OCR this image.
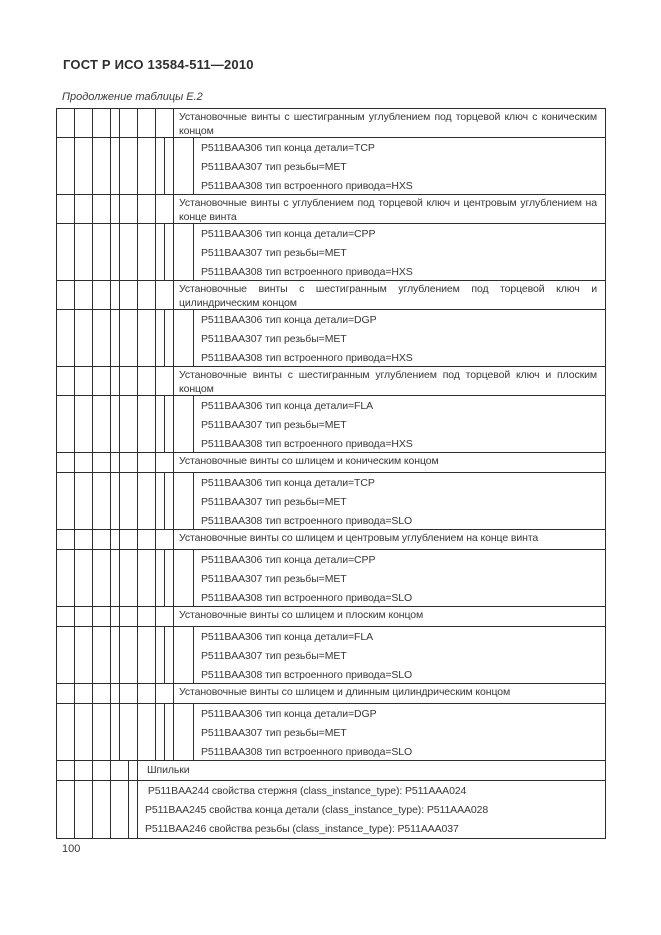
ГОСТ Р ИСО 13584-511—2010
Продолжение таблицы Е.2
Установочные винты с шестигранным углублением под торцевой ключ с коническим концом
P511BAA306 тип конца детали=TCP
P511BAA307 тип резьбы=MET
P511BAA308 тип встроенного привода=HXS
Установочные винты с углублением под торцевой ключ и центровым углублением на конце винта
P511BAA306 тип конца детали=CPP
P511BAA307 тип резьбы=MET
P511BAA308 тип встроенного привода=HXS
Установочные винты с шестигранным углублением под торцевой ключ и цилиндрическим концом
P511BAA306 тип конца детали=DGP
P511BAA307 тип резьбы=MET
P511BAA308 тип встроенного привода=HXS
Установочные винты с шестигранным углублением под торцевой ключ и плоским концом
P511BAA306 тип конца детали=FLA
P511BAA307 тип резьбы=MET
P511BAA308 тип встроенного привода=HXS
Установочные винты со шлицем и коническим концом
P511BAA306 тип конца детали=TCP
P511BAA307 тип резьбы=MET
P511BAA308 тип встроенного привода=SLO
Установочные винты со шлицем и центровым углублением на конце винта
P511BAA306 тип конца детали=CPP
P511BAA307 тип резьбы=MET
P511BAA308 тип встроенного привода=SLO
Установочные винты со шлицем и плоским концом
P511BAA306 тип конца детали=FLA
P511BAA307 тип резьбы=MET
P511BAA308 тип встроенного привода=SLO
Установочные винты со шлицем и длинным цилиндрическим концом
P511BAA306 тип конца детали=DGP
P511BAA307 тип резьбы=MET
P511BAA308 тип встроенного привода=SLO
Шпильки
P511BAA244 свойства стержня (class_instance_type): P511AAA024
P511BAA245 свойства конца детали (class_instance_type): P511AAA028
P511BAA246 свойства резьбы (class_instance_type): P511AAA037
100
